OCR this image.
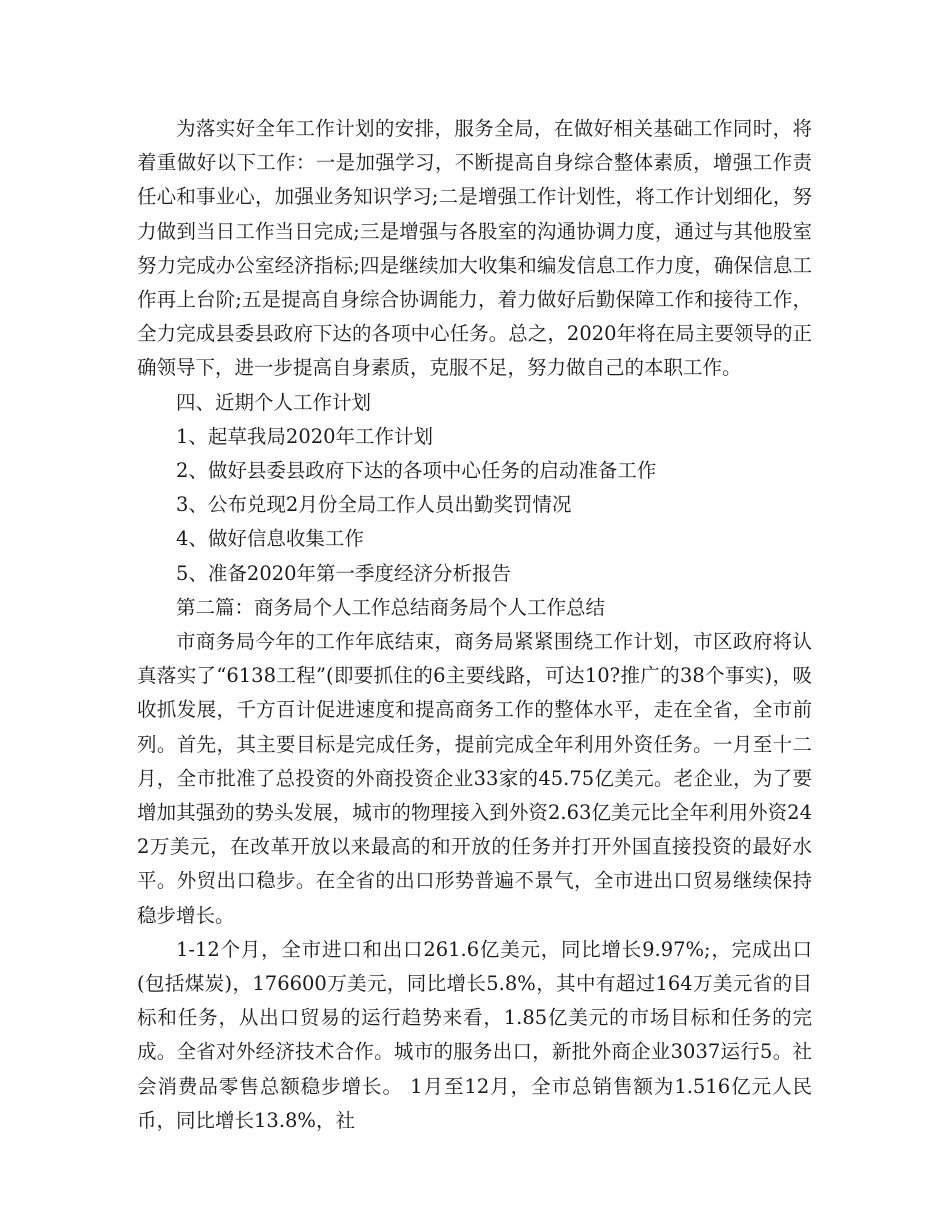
为落实好全年工作计划的安排，服务全局，在做好相关基础工作同时，将着重做好以下工作：一是加强学习，不断提高自身综合整体素质，增强工作责任心和事业心，加强业务知识学习;二是增强工作计划性，将工作计划细化，努力做到当日工作当日完成;三是增强与各股室的沟通协调力度，通过与其他股室努力完成办公室经济指标;四是继续加大收集和编发信息工作力度，确保信息工作再上台阶;五是提高自身综合协调能力，着力做好后勤保障工作和接待工作，全力完成县委县政府下达的各项中心任务。总之，2020年将在局主要领导的正确领导下，进一步提高自身素质，克服不足，努力做自己的本职工作。

四、近期个人工作计划

1、起草我局2020年工作计划

2、做好县委县政府下达的各项中心任务的启动准备工作

3、公布兑现2月份全局工作人员出勤奖罚情况

4、做好信息收集工作

5、准备2020年第一季度经济分析报告

第二篇：商务局个人工作总结商务局个人工作总结

市商务局今年的工作年底结束，商务局紧紧围绕工作计划，市区政府将认真落实了“6138工程”(即要抓住的6主要线路，可达10?推广的38个事实)，吸收抓发展，千方百计促进速度和提高商务工作的整体水平，走在全省，全市前列。首先，其主要目标是完成任务，提前完成全年利用外资任务。一月至十二月，全市批准了总投资的外商投资企业33家的45.75亿美元。老企业，为了要增加其强劲的势头发展，城市的物理接入到外资2.63亿美元比全年利用外资242万美元，在改革开放以来最高的和开放的任务并打开外国直接投资的最好水平。外贸出口稳步。在全省的出口形势普遍不景气，全市进出口贸易继续保持稳步增长。

1-12个月，全市进口和出口261.6亿美元，同比增长9.97%;，完成出口(包括煤炭)，176600万美元，同比增长5.8%，其中有超过164万美元省的目标和任务，从出口贸易的运行趋势来看，1.85亿美元的市场目标和任务的完成。全省对外经济技术合作。城市的服务出口，新批外商企业3037运行5。社会消费品零售总额稳步增长。 1月至12月，全市总销售额为1.516亿元人民币，同比增长13.8%，社
